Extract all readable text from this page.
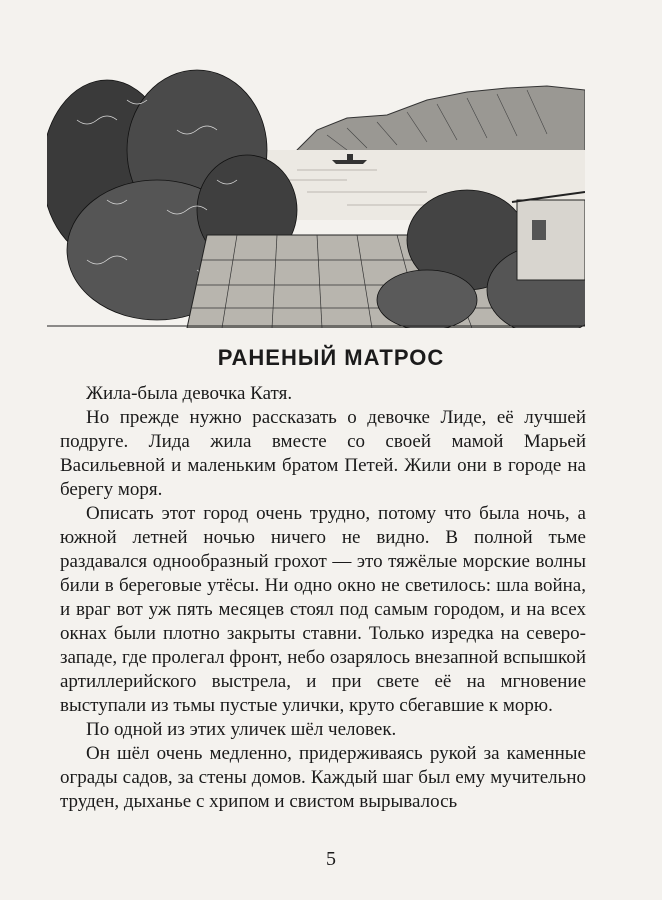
РАНЕНЫЙ МАТРОС

Жила-была девочка Катя.

Но прежде нужно рассказать о девочке Лиде, её лучшей подруге. Лида жила вместе со своей мамой Марьей Васильевной и маленьким братом Петей. Жили они в городе на берегу моря.

Описать этот город очень трудно, потому что была ночь, а южной летней ночью ничего не видно. В полной тьме раздавался однообразный грохот — это тяжёлые морские волны били в береговые утёсы. Ни одно окно не светилось: шла война, и враг вот уж пять месяцев стоял под самым городом, и на всех окнах были плотно закрыты ставни. Только изредка на северо-западе, где пролегал фронт, небо озарялось внезапной вспышкой артиллерийского выстрела, и при свете её на мгновение выступали из тьмы пустые улички, круто сбегавшие к морю.

По одной из этих уличек шёл человек.

Он шёл очень медленно, придерживаясь рукой за каменные ограды садов, за стены домов. Каждый шаг был ему мучительно труден, дыханье с хрипом и свистом вырывалось

5
